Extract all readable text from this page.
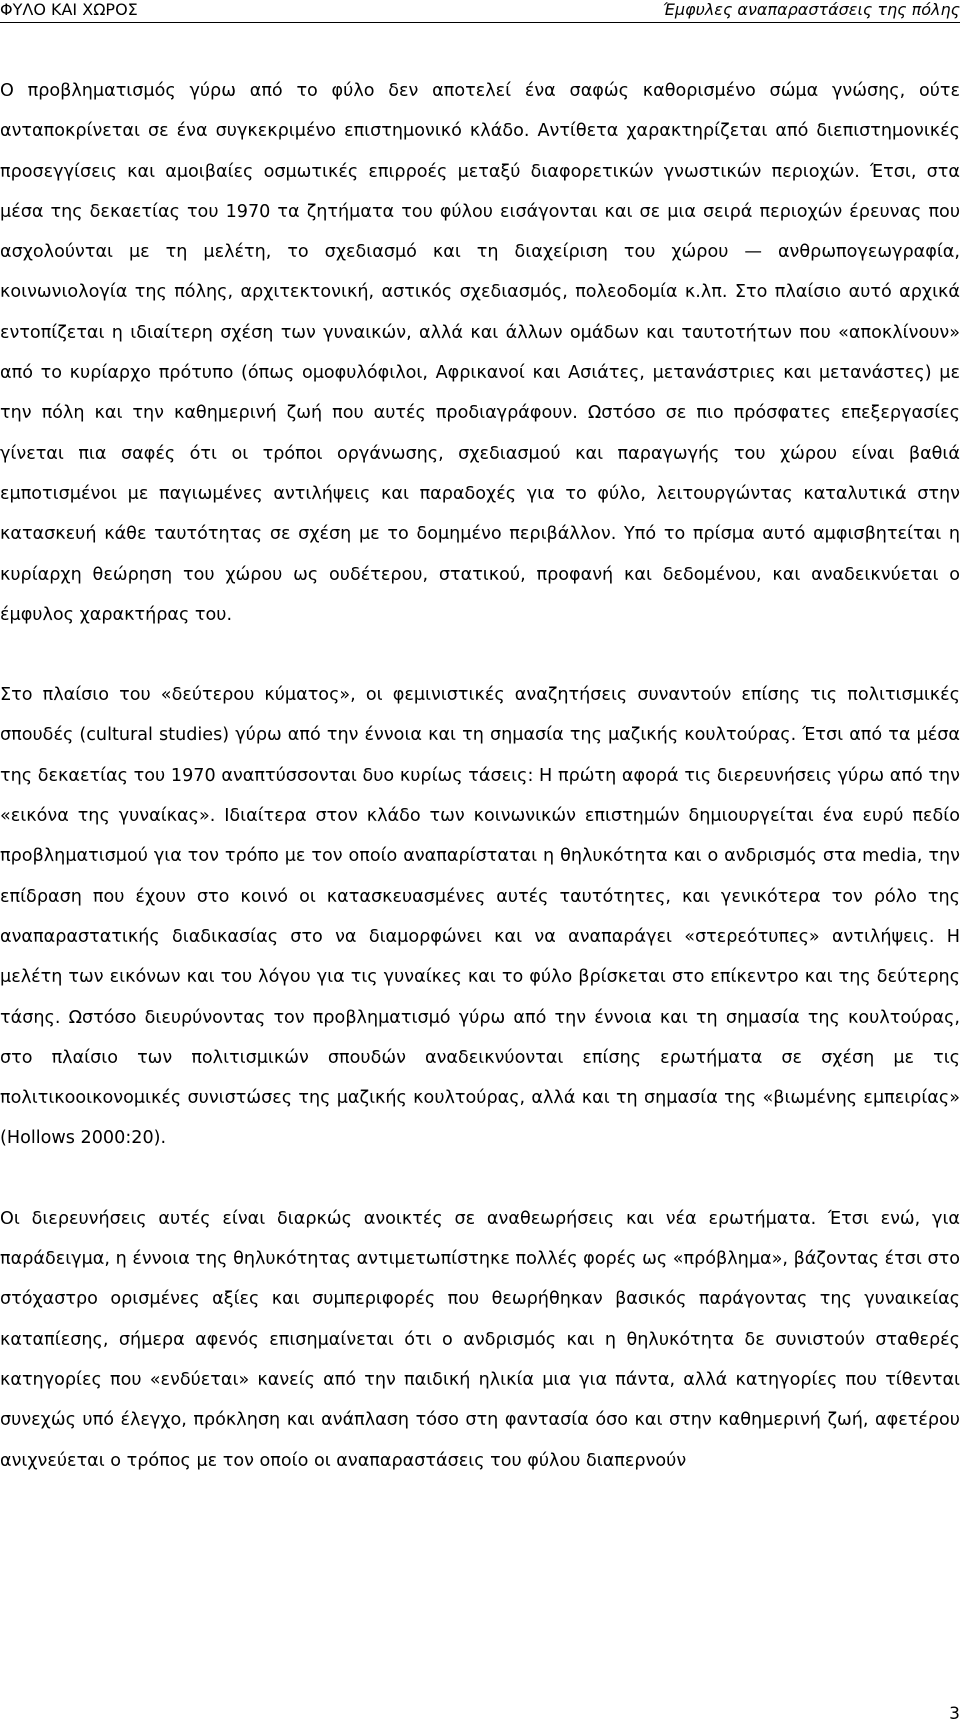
ΦΥΛΟ ΚΑΙ ΧΩΡΟΣ	Έμφυλες αναπαραστάσεις της πόλης

Ο προβληματισμός γύρω από το φύλο δεν αποτελεί ένα σαφώς καθορισμένο σώμα γνώσης, ούτε ανταποκρίνεται σε ένα συγκεκριμένο επιστημονικό κλάδο. Αντίθετα χαρακτηρίζεται από διεπιστημονικές προσεγγίσεις και αμοιβαίες οσμωτικές επιρροές μεταξύ διαφορετικών γνωστικών περιοχών. Έτσι, στα μέσα της δεκαετίας του 1970 τα ζητήματα του φύλου εισάγονται και σε μια σειρά περιοχών έρευνας που ασχολούνται με τη μελέτη, το σχεδιασμό και τη διαχείριση του χώρου — ανθρωπογεωγραφία, κοινωνιολογία της πόλης, αρχιτεκτονική, αστικός σχεδιασμός, πολεοδομία κ.λπ. Στο πλαίσιο αυτό αρχικά εντοπίζεται η ιδιαίτερη σχέση των γυναικών, αλλά και άλλων ομάδων και ταυτοτήτων που «αποκλίνουν» από το κυρίαρχο πρότυπο (όπως ομοφυλόφιλοι, Αφρικανοί και Ασιάτες, μετανάστριες και μετανάστες) με την πόλη και την καθημερινή ζωή που αυτές προδιαγράφουν. Ωστόσο σε πιο πρόσφατες επεξεργασίες γίνεται πια σαφές ότι οι τρόποι οργάνωσης, σχεδιασμού και παραγωγής του χώρου είναι βαθιά εμποτισμένοι με παγιωμένες αντιλήψεις και παραδοχές για το φύλο, λειτουργώντας καταλυτικά στην κατασκευή κάθε ταυτότητας σε σχέση με το δομημένο περιβάλλον. Υπό το πρίσμα αυτό αμφισβητείται η κυρίαρχη θεώρηση του χώρου ως ουδέτερου, στατικού, προφανή και δεδομένου, και αναδεικνύεται ο έμφυλος χαρακτήρας του.

Στο πλαίσιο του «δεύτερου κύματος», οι φεμινιστικές αναζητήσεις συναντούν επίσης τις πολιτισμικές σπουδές (cultural studies) γύρω από την έννοια και τη σημασία της μαζικής κουλτούρας. Έτσι από τα μέσα της δεκαετίας του 1970 αναπτύσσονται δυο κυρίως τάσεις: Η πρώτη αφορά τις διερευνήσεις γύρω από την «εικόνα της γυναίκας». Ιδιαίτερα στον κλάδο των κοινωνικών επιστημών δημιουργείται ένα ευρύ πεδίο προβληματισμού για τον τρόπο με τον οποίο αναπαρίσταται η θηλυκότητα και ο ανδρισμός στα media, την επίδραση που έχουν στο κοινό οι κατασκευασμένες αυτές ταυτότητες, και γενικότερα τον ρόλο της αναπαραστατικής διαδικασίας στο να διαμορφώνει και να αναπαράγει «στερεότυπες» αντιλήψεις. Η μελέτη των εικόνων και του λόγου για τις γυναίκες και το φύλο βρίσκεται στο επίκεντρο και της δεύτερης τάσης. Ωστόσο διευρύνοντας τον προβληματισμό γύρω από την έννοια και τη σημασία της κουλτούρας, στο πλαίσιο των πολιτισμικών σπουδών αναδεικνύονται επίσης ερωτήματα σε σχέση με τις πολιτικοοικονομικές συνιστώσες της μαζικής κουλτούρας, αλλά και τη σημασία της «βιωμένης εμπειρίας» (Hollows 2000:20).

Οι διερευνήσεις αυτές είναι διαρκώς ανοικτές σε αναθεωρήσεις και νέα ερωτήματα. Έτσι ενώ, για παράδειγμα, η έννοια της θηλυκότητας αντιμετωπίστηκε πολλές φορές ως «πρόβλημα», βάζοντας έτσι στο στόχαστρο ορισμένες αξίες και συμπεριφορές που θεωρήθηκαν βασικός παράγοντας της γυναικείας καταπίεσης, σήμερα αφενός επισημαίνεται ότι ο ανδρισμός και η θηλυκότητα δε συνιστούν σταθερές κατηγορίες που «ενδύεται» κανείς από την παιδική ηλικία μια για πάντα, αλλά κατηγορίες που τίθενται συνεχώς υπό έλεγχο, πρόκληση και ανάπλαση τόσο στη φαντασία όσο και στην καθημερινή ζωή, αφετέρου ανιχνεύεται ο τρόπος με τον οποίο οι αναπαραστάσεις του φύλου διαπερνούν

3
